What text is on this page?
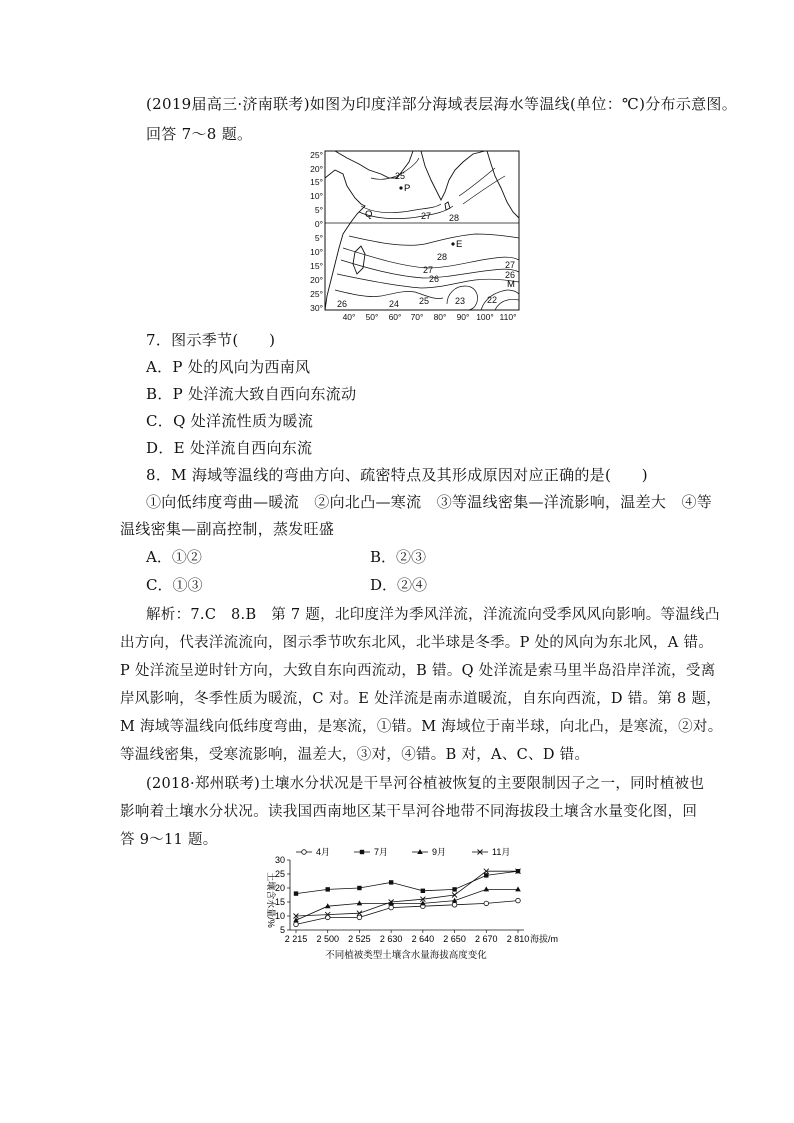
(2019届高三·济南联考)如图为印度洋部分海域表层海水等温线(单位：℃)分布示意图。
回答 7～8 题。
25°
20°
15°
10°
5°
0°
5°
10°
15°
20°
25°
30°
40° 50° 60° 70° 80° 90° 100° 110°
25
27 28
28
27
26
27
26
26	24 25	23 22
P
Q
E
M
7．图示季节(　　)
A．P 处的风向为西南风
B．P 处洋流大致自西向东流动
C．Q 处洋流性质为暖流
D．E 处洋流自西向东流
8．M 海域等温线的弯曲方向、疏密特点及其形成原因对应正确的是(　　)
①向低纬度弯曲—暖流　②向北凸—寒流　③等温线密集—洋流影响，温差大　④等
温线密集—副高控制，蒸发旺盛
A．①②	B．②③
C．①③	D．②④
解析：7.C　8.B　第 7 题，北印度洋为季风洋流，洋流流向受季风风向影响。等温线凸
出方向，代表洋流流向，图示季节吹东北风，北半球是冬季。P 处的风向为东北风，A 错。
P 处洋流呈逆时针方向，大致自东向西流动，B 错。Q 处洋流是索马里半岛沿岸洋流，受离
岸风影响，冬季性质为暖流，C 对。E 处洋流是南赤道暖流，自东向西流，D 错。第 8 题，
M 海域等温线向低纬度弯曲，是寒流，①错。M 海域位于南半球，向北凸，是寒流，②对。
等温线密集，受寒流影响，温差大，③对，④错。B 对，A、C、D 错。
(2018·郑州联考)土壤水分状况是干旱河谷植被恢复的主要限制因子之一，同时植被也
影响着土壤水分状况。读我国西南地区某干旱河谷地带不同海拔段土壤含水量变化图，回
答 9～11 题。
4月	7月	9月	11月
土壤含水量/%
5
10
15
20
25
30
2 215 2 500 2 525 2 630 2 640 2 650 2 670 2 810 海拔/m
不同植被类型土壤含水量海拔高度变化
